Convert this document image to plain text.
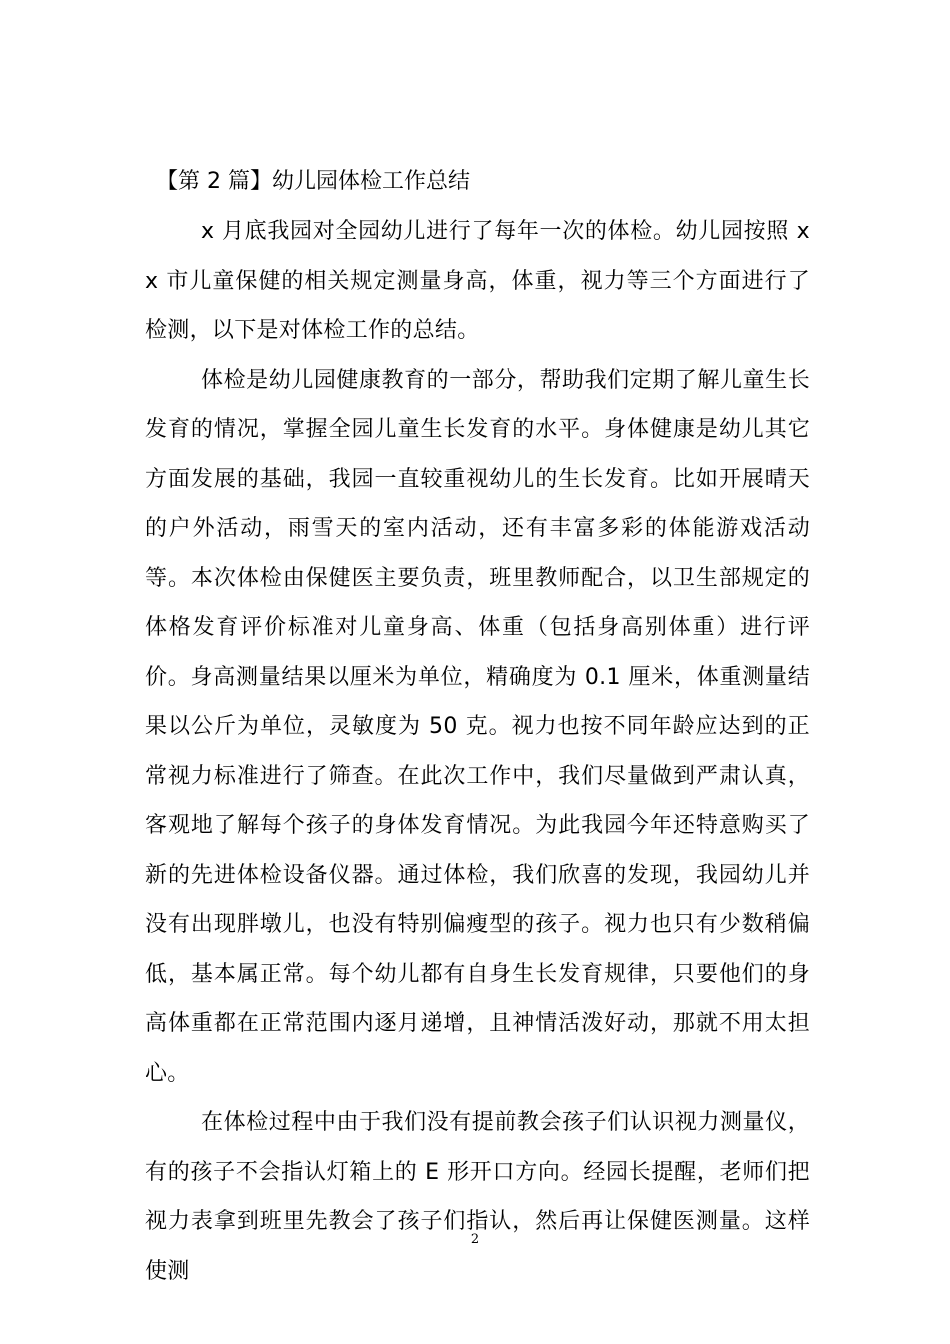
【第 2 篇】幼儿园体检工作总结

x 月底我园对全园幼儿进行了每年一次的体检。幼儿园按照 x x 市儿童保健的相关规定测量身高，体重，视力等三个方面进行了检测，以下是对体检工作的总结。

体检是幼儿园健康教育的一部分，帮助我们定期了解儿童生长发育的情况，掌握全园儿童生长发育的水平。身体健康是幼儿其它方面发展的基础，我园一直较重视幼儿的生长发育。比如开展晴天的户外活动，雨雪天的室内活动，还有丰富多彩的体能游戏活动等。本次体检由保健医主要负责，班里教师配合，以卫生部规定的体格发育评价标准对儿童身高、体重（包括身高别体重）进行评价。身高测量结果以厘米为单位，精确度为 0.1 厘米，体重测量结果以公斤为单位，灵敏度为 50 克。视力也按不同年龄应达到的正常视力标准进行了筛查。在此次工作中，我们尽量做到严肃认真，客观地了解每个孩子的身体发育情况。为此我园今年还特意购买了新的先进体检设备仪器。通过体检，我们欣喜的发现，我园幼儿并没有出现胖墩儿，也没有特别偏瘦型的孩子。视力也只有少数稍偏低，基本属正常。每个幼儿都有自身生长发育规律，只要他们的身高体重都在正常范围内逐月递增，且神情活泼好动，那就不用太担心。

在体检过程中由于我们没有提前教会孩子们认识视力测量仪，有的孩子不会指认灯箱上的 E 形开口方向。经园长提醒，老师们把视力表拿到班里先教会了孩子们指认，然后再让保健医测量。这样使测

2
